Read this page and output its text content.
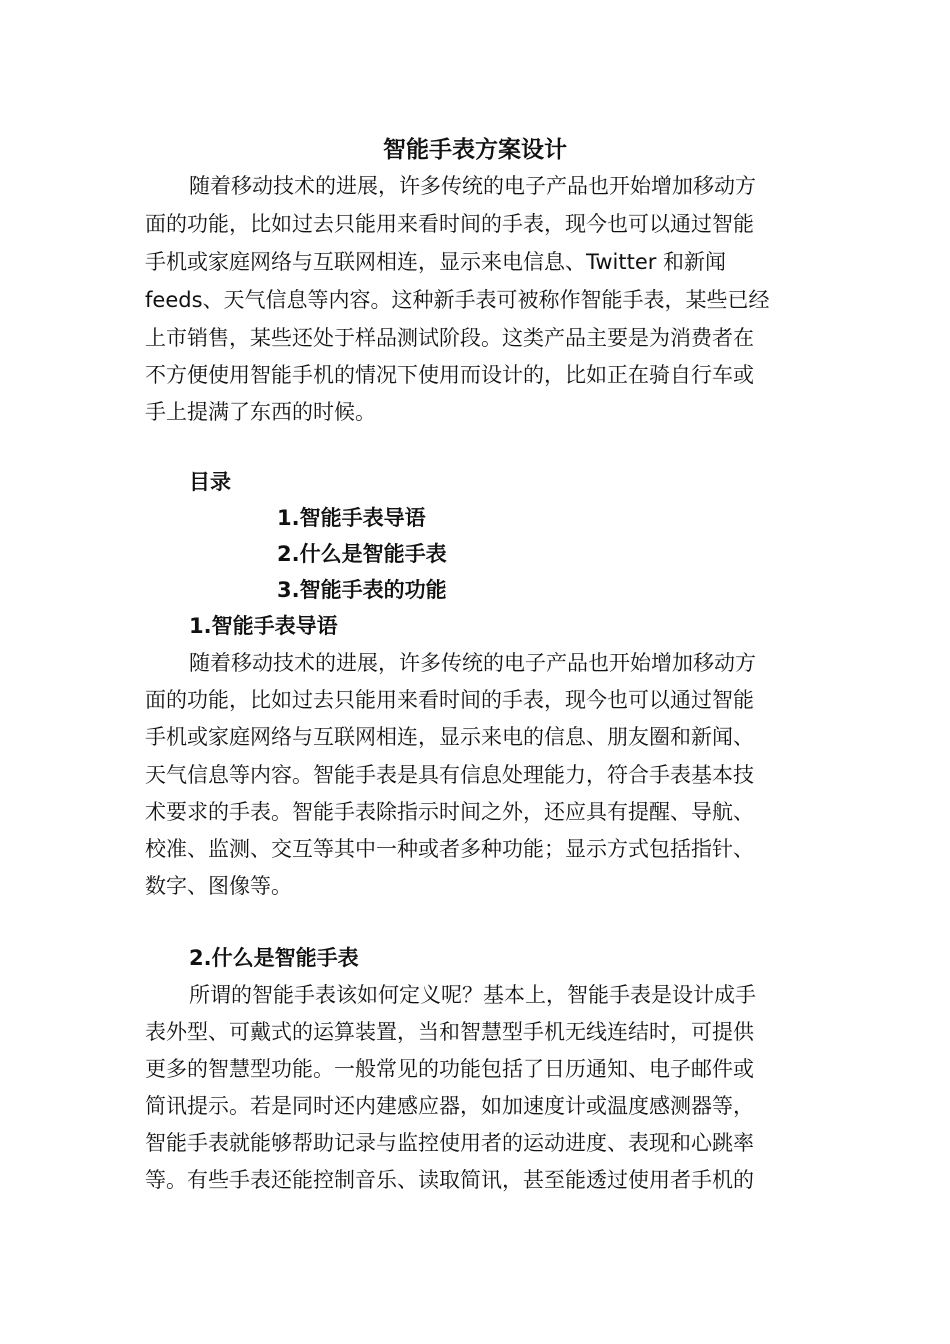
智能手表方案设计
随着移动技术的进展，许多传统的电子产品也开始增加移动方
面的功能，比如过去只能用来看时间的手表，现今也可以通过智能
手机或家庭网络与互联网相连，显示来电信息、Twitter 和新闻
feeds、天气信息等内容。这种新手表可被称作智能手表，某些已经
上市销售，某些还处于样品测试阶段。这类产品主要是为消费者在
不方便使用智能手机的情况下使用而设计的，比如正在骑自行车或
手上提满了东西的时候。
目录
1.智能手表导语
2.什么是智能手表
3.智能手表的功能
1.智能手表导语
随着移动技术的进展，许多传统的电子产品也开始增加移动方
面的功能，比如过去只能用来看时间的手表，现今也可以通过智能
手机或家庭网络与互联网相连，显示来电的信息、朋友圈和新闻、
天气信息等内容。智能手表是具有信息处理能力，符合手表基本技
术要求的手表。智能手表除指示时间之外，还应具有提醒、导航、
校准、监测、交互等其中一种或者多种功能；显示方式包括指针、
数字、图像等。
2.什么是智能手表
所谓的智能手表该如何定义呢？基本上，智能手表是设计成手
表外型、可戴式的运算装置，当和智慧型手机无线连结时，可提供
更多的智慧型功能。一般常见的功能包括了日历通知、电子邮件或
简讯提示。若是同时还内建感应器，如加速度计或温度感测器等，
智能手表就能够帮助记录与监控使用者的运动进度、表现和心跳率
等。有些手表还能控制音乐、读取简讯，甚至能透过使用者手机的
